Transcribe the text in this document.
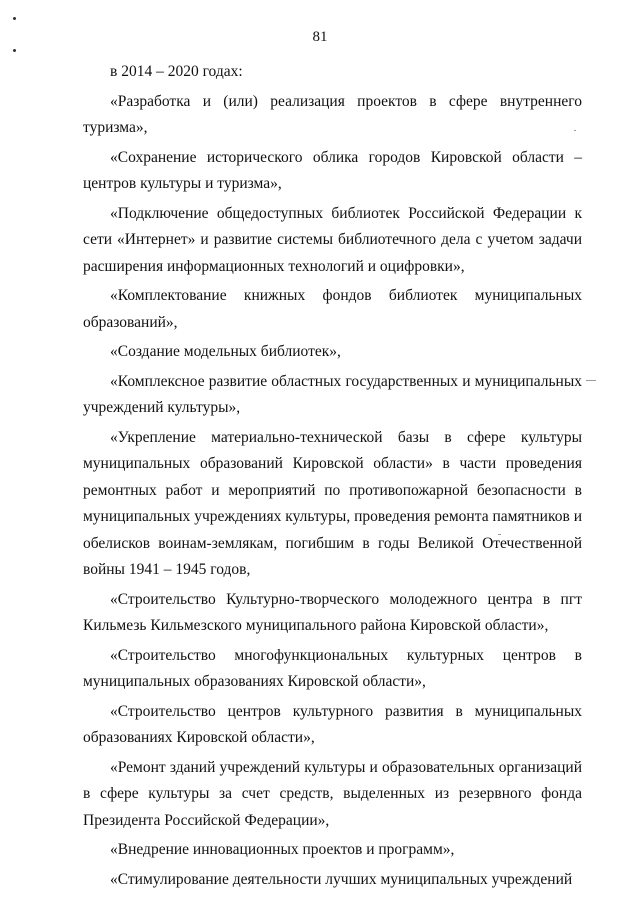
81

в 2014 – 2020 годах:

«Разработка и (или) реализация проектов в сфере внутреннего туризма»,

«Сохранение исторического облика городов Кировской области – центров культуры и туризма»,

«Подключение общедоступных библиотек Российской Федерации к сети «Интернет» и развитие системы библиотечного дела с учетом задачи расширения информационных технологий и оцифровки»,

«Комплектование книжных фондов библиотек муниципальных образований»,

«Создание модельных библиотек»,

«Комплексное развитие областных государственных и муниципальных учреждений культуры»,

«Укрепление материально-технической базы в сфере культуры муниципальных образований Кировской области» в части проведения ремонтных работ и мероприятий по противопожарной безопасности в муниципальных учреждениях культуры, проведения ремонта памятников и обелисков воинам-землякам, погибшим в годы Великой Отечественной войны 1941 – 1945 годов,

«Строительство Культурно-творческого молодежного центра в пгт Кильмезь Кильмезского муниципального района Кировской области»,

«Строительство многофункциональных культурных центров в муниципальных образованиях Кировской области»,

«Строительство центров культурного развития в муниципальных образованиях Кировской области»,

«Ремонт зданий учреждений культуры и образовательных организаций в сфере культуры за счет средств, выделенных из резервного фонда Президента Российской Федерации»,

«Внедрение инновационных проектов и программ»,

«Стимулирование деятельности лучших муниципальных учреждений
